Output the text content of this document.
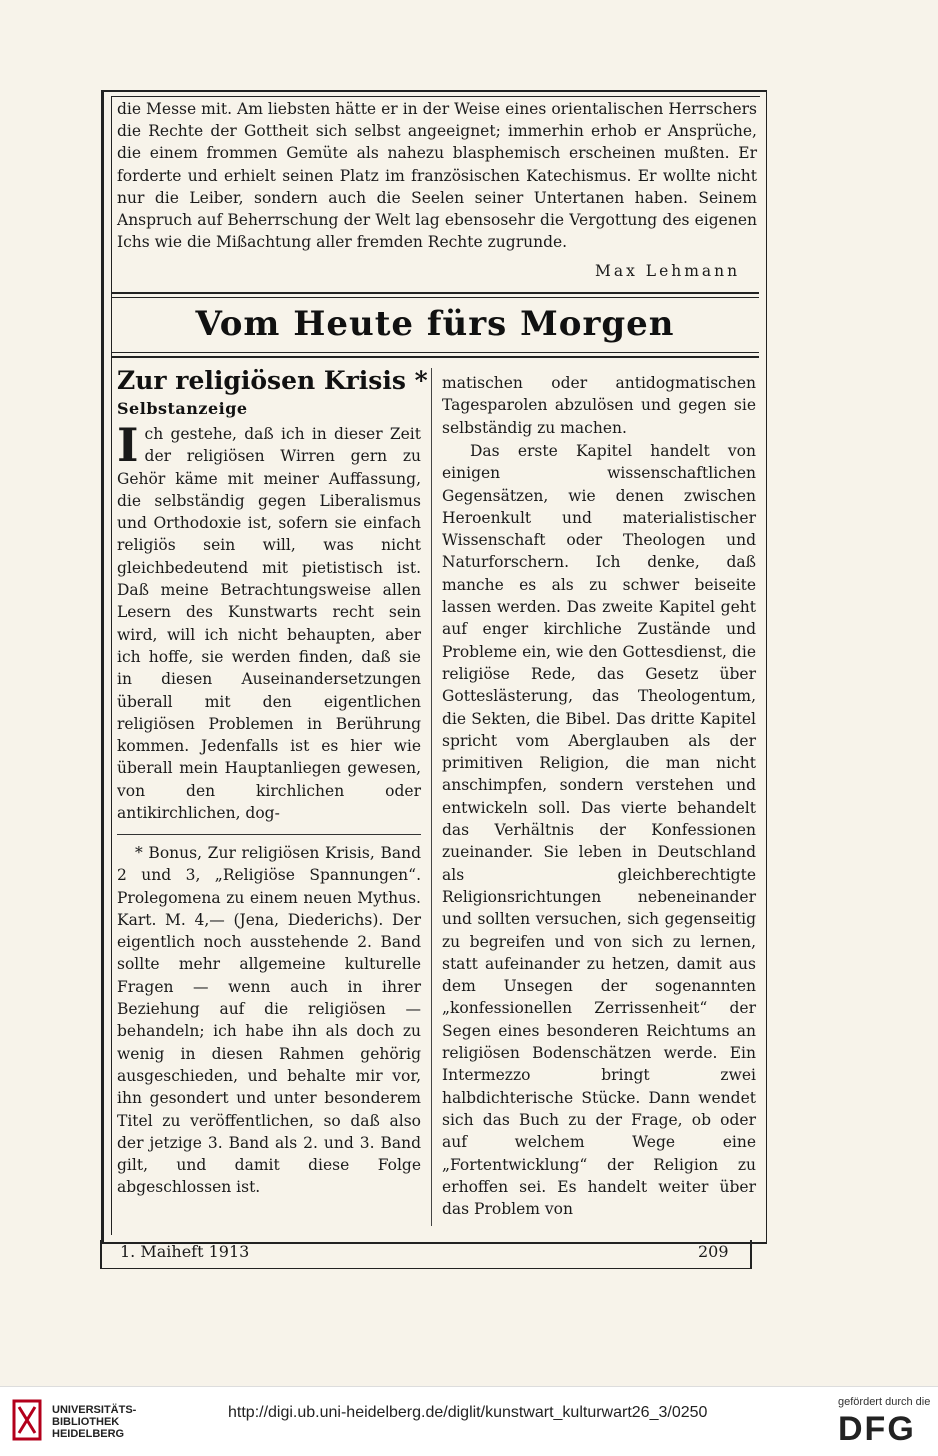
die Messe mit. Am liebsten hätte er in der Weise eines orientalischen Herrschers die Rechte der Gottheit sich selbst angeeignet; immerhin erhob er Ansprüche, die einem frommen Gemüte als nahezu blasphemisch erscheinen mußten. Er forderte und erhielt seinen Platz im französischen Katechismus. Er wollte nicht nur die Leiber, sondern auch die Seelen seiner Untertanen haben. Seinem Anspruch auf Beherrschung der Welt lag ebensosehr die Vergottung des eigenen Ichs wie die Mißachtung aller fremden Rechte zugrunde.

Max Lehmann
Vom Heute fürs Morgen
Zur religiösen Krisis *
Selbstanzeige

Ich gestehe, daß ich in dieser Zeit der religiösen Wirren gern zu Gehör käme mit meiner Auffassung, die selbständig gegen Liberalismus und Orthodoxie ist, sofern sie einfach religiös sein will, was nicht gleichbedeutend mit pietistisch ist. Daß meine Betrachtungsweise allen Lesern des Kunstwarts recht sein wird, will ich nicht behaupten, aber ich hoffe, sie werden finden, daß sie in diesen Auseinandersetzungen überall mit den eigentlichen religiösen Problemen in Berührung kommen. Jedenfalls ist es hier wie überall mein Hauptanliegen gewesen, von den kirchlichen oder antikirchlichen, dog-

* Bonus, Zur religiösen Krisis, Band 2 und 3, „Religiöse Spannungen“. Prolegomena zu einem neuen Mythus. Kart. M. 4,— (Jena, Diederichs). Der eigentlich noch ausstehende 2. Band sollte mehr allgemeine kulturelle Fragen — wenn auch in ihrer Beziehung auf die religiösen — behandeln; ich habe ihn als doch zu wenig in diesen Rahmen gehörig ausgeschieden, und behalte mir vor, ihn gesondert und unter besonderem Titel zu veröffentlichen, so daß also der jetzige 3. Band als 2. und 3. Band gilt, und damit diese Folge abgeschlossen ist.

matischen oder antidogmatischen Tagesparolen abzulösen und gegen sie selbständig zu machen.

Das erste Kapitel handelt von einigen wissenschaftlichen Gegensätzen, wie denen zwischen Heroenkult und materialistischer Wissenschaft oder Theologen und Naturforschern. Ich denke, daß manche es als zu schwer beiseite lassen werden. Das zweite Kapitel geht auf enger kirchliche Zustände und Probleme ein, wie den Gottesdienst, die religiöse Rede, das Gesetz über Gotteslästerung, das Theologentum, die Sekten, die Bibel. Das dritte Kapitel spricht vom Aberglauben als der primitiven Religion, die man nicht anschimpfen, sondern verstehen und entwickeln soll. Das vierte behandelt das Verhältnis der Konfessionen zueinander. Sie leben in Deutschland als gleichberechtigte Religionsrichtungen nebeneinander und sollten versuchen, sich gegenseitig zu begreifen und von sich zu lernen, statt aufeinander zu hetzen, damit aus dem Unsegen der sogenannten „konfessionellen Zerrissenheit“ der Segen eines besonderen Reichtums an religiösen Bodenschätzen werde. Ein Intermezzo bringt zwei halbdichterische Stücke. Dann wendet sich das Buch zu der Frage, ob oder auf welchem Wege eine „Fortentwicklung“ der Religion zu erhoffen sei. Es handelt weiter über das Problem von

1. Maiheft 1913	209
UNIVERSITÄTS-
BIBLIOTHEK
HEIDELBERG
http://digi.ub.uni-heidelberg.de/diglit/kunstwart_kulturwart26_3/0250
gefördert durch die
DFG
